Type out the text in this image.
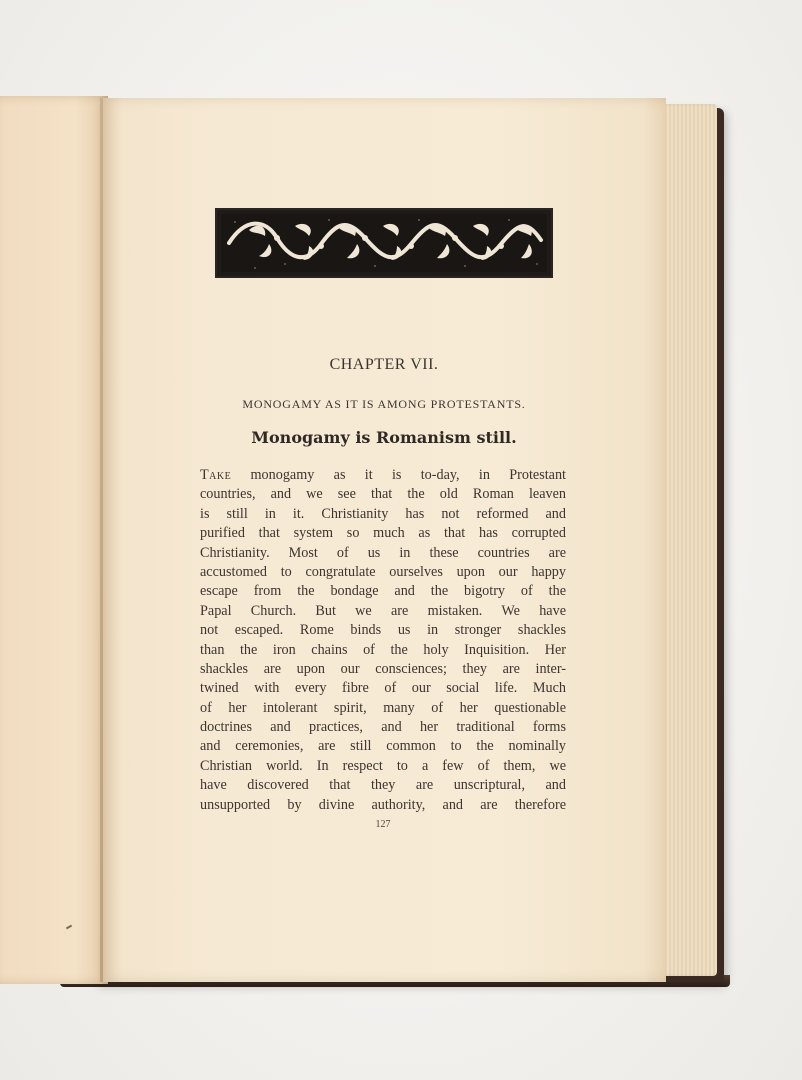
CHAPTER VII.
MONOGAMY AS IT IS AMONG PROTESTANTS.
Monogamy is Romanism still.
Take monogamy as it is to-day, in Protestant
countries, and we see that the old Roman leaven
is still in it. Christianity has not reformed and
purified that system so much as that has corrupted
Christianity. Most of us in these countries are
accustomed to congratulate ourselves upon our happy
escape from the bondage and the bigotry of the
Papal Church. But we are mistaken. We have
not escaped. Rome binds us in stronger shackles
than the iron chains of the holy Inquisition. Her
shackles are upon our consciences; they are inter-
twined with every fibre of our social life. Much
of her intolerant spirit, many of her questionable
doctrines and practices, and her traditional forms
and ceremonies, are still common to the nominally
Christian world. In respect to a few of them, we
have discovered that they are unscriptural, and
unsupported by divine authority, and are therefore
127
